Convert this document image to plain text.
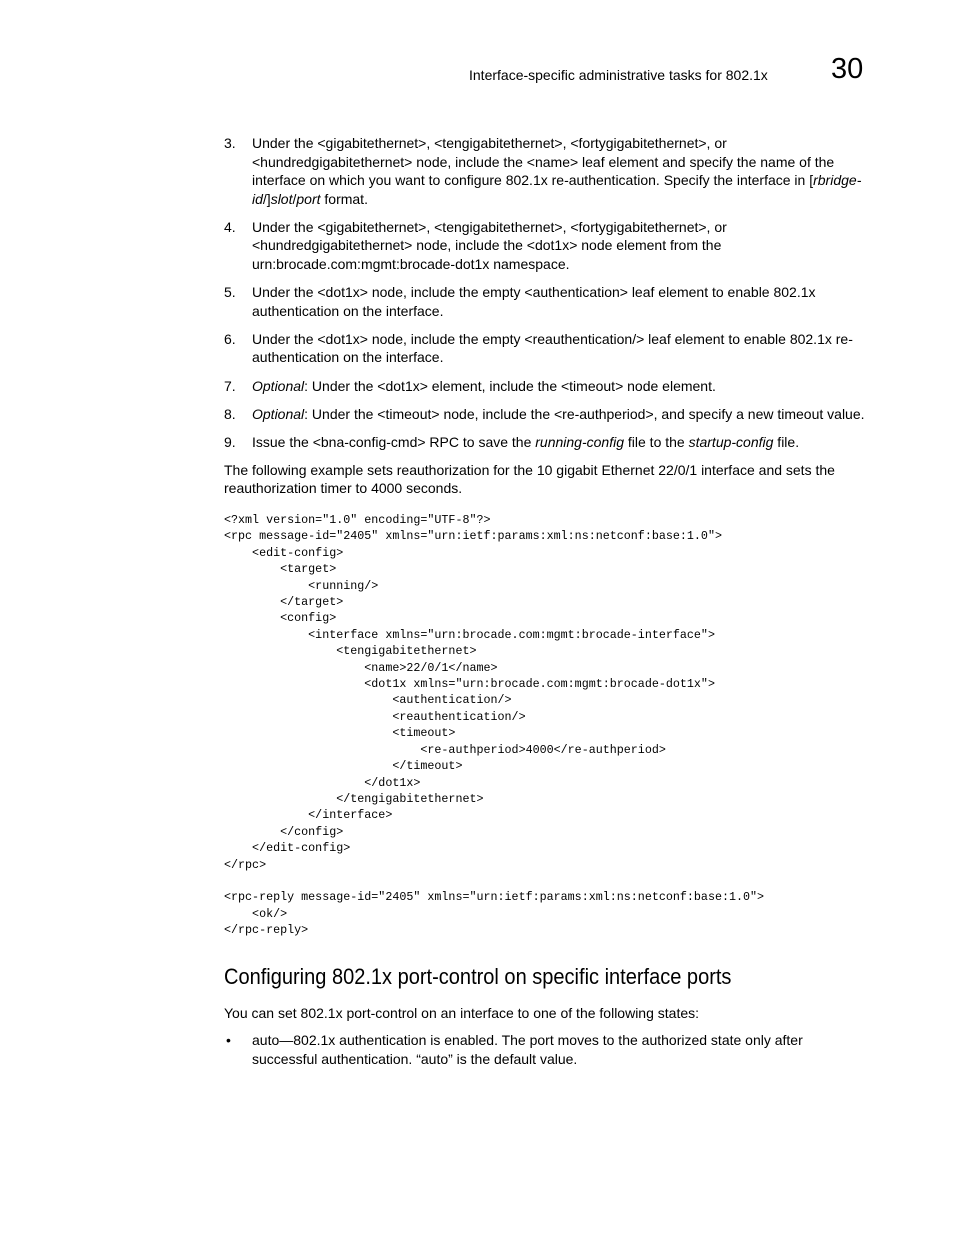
Interface-specific administrative tasks for 802.1x 30
3. Under the <gigabitethernet>, <tengigabitethernet>, <fortygigabitethernet>, or <hundredgigabitethernet> node, include the <name> leaf element and specify the name of the interface on which you want to configure 802.1x re-authentication. Specify the interface in [rbridge-id/]slot/port format.
4. Under the <gigabitethernet>, <tengigabitethernet>, <fortygigabitethernet>, or <hundredgigabitethernet> node, include the <dot1x> node element from the urn:brocade.com:mgmt:brocade-dot1x namespace.
5. Under the <dot1x> node, include the empty <authentication> leaf element to enable 802.1x authentication on the interface.
6. Under the <dot1x> node, include the empty <reauthentication/> leaf element to enable 802.1x re-authentication on the interface.
7. Optional: Under the <dot1x> element, include the <timeout> node element.
8. Optional: Under the <timeout> node, include the <re-authperiod>, and specify a new timeout value.
9. Issue the <bna-config-cmd> RPC to save the running-config file to the startup-config file.

The following example sets reauthorization for the 10 gigabit Ethernet 22/0/1 interface and sets the reauthorization timer to 4000 seconds.

<?xml version="1.0" encoding="UTF-8"?>
<rpc message-id="2405" xmlns="urn:ietf:params:xml:ns:netconf:base:1.0">
<edit-config>
<target>
<running/>
</target>
<config>
<interface xmlns="urn:brocade.com:mgmt:brocade-interface">
<tengigabitethernet>
<name>22/0/1</name>
<dot1x xmlns="urn:brocade.com:mgmt:brocade-dot1x">
<authentication/>
<reauthentication/>
<timeout>
<re-authperiod>4000</re-authperiod>
</timeout>
</dot1x>
</tengigabitethernet>
</interface>
</config>
</edit-config>
</rpc>
<rpc-reply message-id="2405" xmlns="urn:ietf:params:xml:ns:netconf:base:1.0">
<ok/>
</rpc-reply>
Configuring 802.1x port-control on specific interface ports

You can set 802.1x port-control on an interface to one of the following states:

• auto—802.1x authentication is enabled. The port moves to the authorized state only after successful authentication. “auto” is the default value.
